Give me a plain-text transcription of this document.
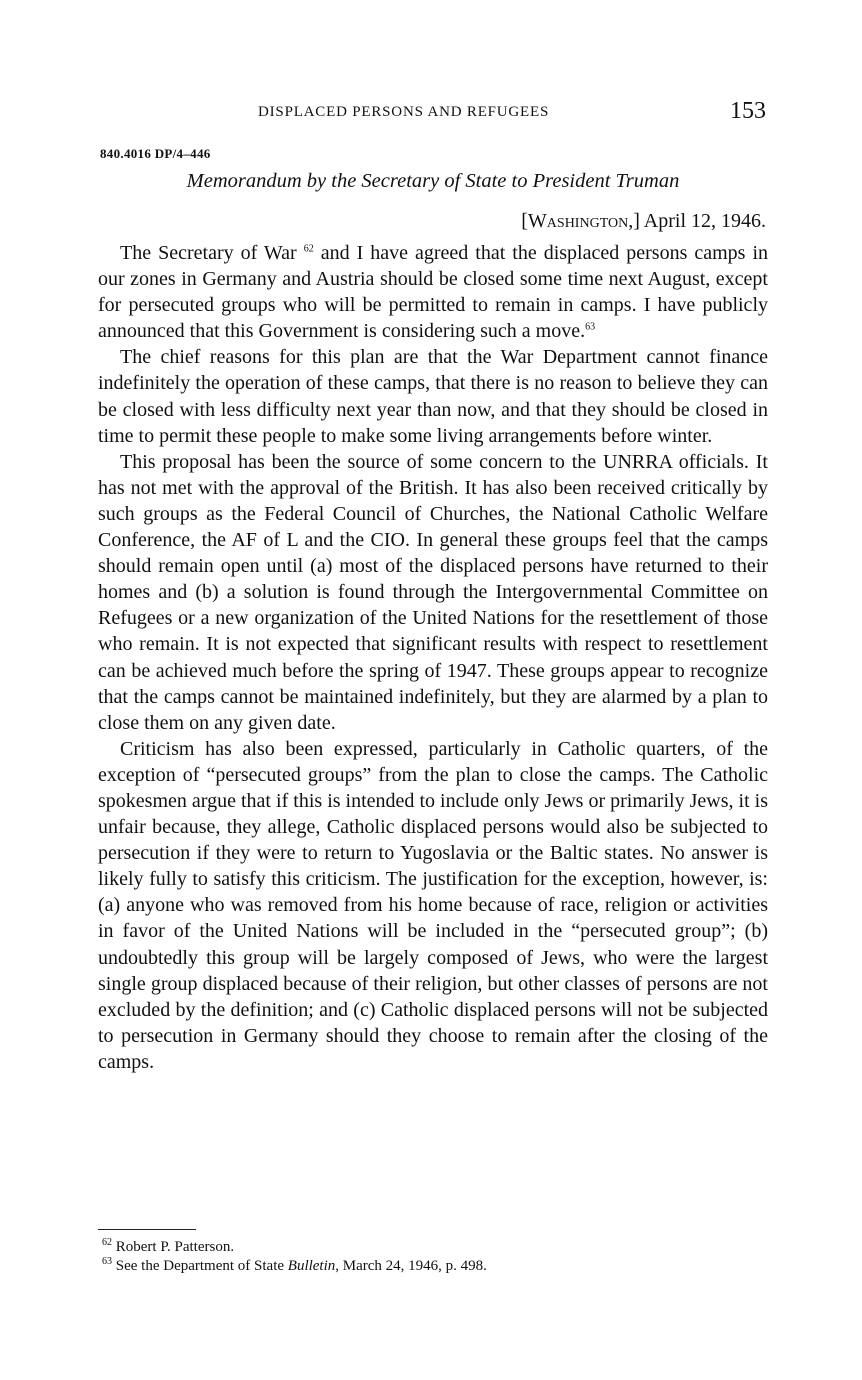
DISPLACED PERSONS AND REFUGEES	153
840.4016 DP/4–446
Memorandum by the Secretary of State to President Truman
[Washington,] April 12, 1946.

The Secretary of War $^{62}$ and I have agreed that the displaced persons camps in our zones in Germany and Austria should be closed some time next August, except for persecuted groups who will be permitted to remain in camps. I have publicly announced that this Government is considering such a move.$^{63}$

The chief reasons for this plan are that the War Department cannot finance indefinitely the operation of these camps, that there is no reason to believe they can be closed with less difficulty next year than now, and that they should be closed in time to permit these people to make some living arrangements before winter.

This proposal has been the source of some concern to the UNRRA officials. It has not met with the approval of the British. It has also been received critically by such groups as the Federal Council of Churches, the National Catholic Welfare Conference, the AF of L and the CIO. In general these groups feel that the camps should remain open until (a) most of the displaced persons have returned to their homes and (b) a solution is found through the Intergovernmental Committee on Refugees or a new organization of the United Nations for the resettlement of those who remain. It is not expected that significant results with respect to resettlement can be achieved much before the spring of 1947. These groups appear to recognize that the camps cannot be maintained indefinitely, but they are alarmed by a plan to close them on any given date.

Criticism has also been expressed, particularly in Catholic quarters, of the exception of “persecuted groups” from the plan to close the camps. The Catholic spokesmen argue that if this is intended to include only Jews or primarily Jews, it is unfair because, they allege, Catholic displaced persons would also be subjected to persecution if they were to return to Yugoslavia or the Baltic states. No answer is likely fully to satisfy this criticism. The justification for the exception, however, is: (a) anyone who was removed from his home because of race, religion or activities in favor of the United Nations will be included in the “persecuted group”; (b) undoubtedly this group will be largely composed of Jews, who were the largest single group displaced because of their religion, but other classes of persons are not excluded by the definition; and (c) Catholic displaced persons will not be subjected to persecution in Germany should they choose to remain after the closing of the camps.

$^{62}$ Robert P. Patterson.

$^{63}$ See the Department of State Bulletin, March 24, 1946, p. 498.
